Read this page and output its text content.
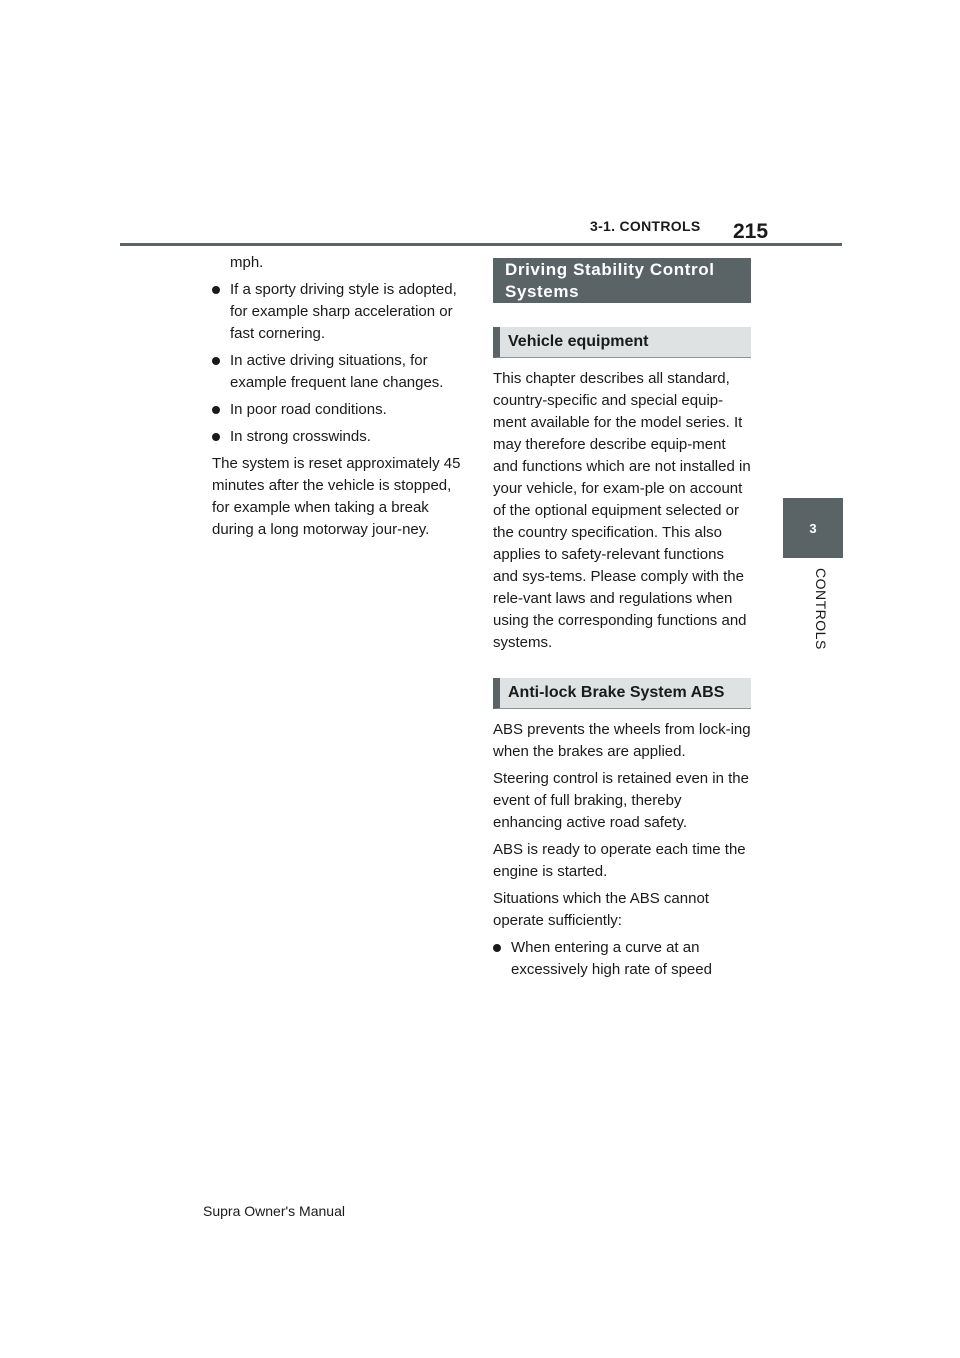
3-1. CONTROLS 215
3
CONTROLS

mph.

If a sporty driving style is adopted, for example sharp acceleration or fast cornering.
In active driving situations, for example frequent lane changes.
In poor road conditions.
In strong crosswinds.

The system is reset approximately 45 minutes after the vehicle is stopped, for example when taking a break during a long motorway jour-ney.

Driving Stability Control Systems
Vehicle equipment

This chapter describes all standard, country-specific and special equip-ment available for the model series. It may therefore describe equip-ment and functions which are not installed in your vehicle, for exam-ple on account of the optional equipment selected or the country specification. This also applies to safety-relevant functions and sys-tems. Please comply with the rele-vant laws and regulations when using the corresponding functions and systems.

Anti-lock Brake System ABS

ABS prevents the wheels from lock-ing when the brakes are applied.

Steering control is retained even in the event of full braking, thereby enhancing active road safety.

ABS is ready to operate each time the engine is started.

Situations which the ABS cannot operate sufficiently:

When entering a curve at an excessively high rate of speed
Supra Owner's Manual
